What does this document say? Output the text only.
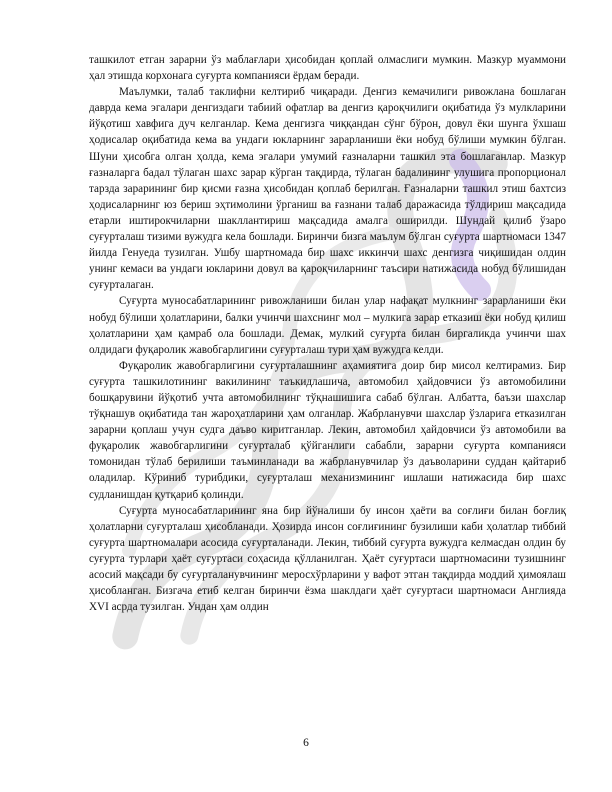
ташкилот етган зарарни ўз маблағлари ҳисобидан қоплай олмаслиги мумкин. Мазкур муаммони ҳал этишда корхонага суғурта компанияси ёрдам беради.

Маълумки, талаб таклифни келтириб чиқаради. Денгиз кемачилиги ривожлана бошлаган даврда кема эгалари денгиздаги табиий офатлар ва денгиз қароқчилиги оқибатида ўз мулкларини йўқотиш хавфига дуч келганлар. Кема денгизга чиққандан сўнг бўрон, довул ёки шунга ўхшаш ҳодисалар оқибатида кема ва ундаги юкларнинг зарарланиши ёки нобуд бўлиши мумкин бўлган. Шуни ҳисобга олган ҳолда, кема эгалари умумий ғазналарни ташкил эта бошлаганлар. Мазкур ғазналарга бадал тўлаган шахс зарар кўрган тақдирда, тўлаган бадалининг улушига пропорционал тарзда зарарининг бир қисми ғазна ҳисобидан қоплаб берилган. Ғазналарни ташкил этиш бахтсиз ҳодисаларнинг юз бериш эҳтимолини ўрганиш ва ғазнани талаб даражасида тўлдириш мақсадида етарли иштирокчиларни шакллантириш мақсадида амалга оширилди. Шундай қилиб ўзаро суғурталаш тизими вужудга кела бошлади. Биринчи бизга маълум бўлган суғурта шартномаси 1347 йилда Генуеда тузилган. Ушбу шартномада бир шахс иккинчи шахс денгизга чиқишидан олдин унинг кемаси ва ундаги юкларини довул ва қароқчиларнинг таъсири натижасида нобуд бўлишидан суғурталаган.

Суғурта муносабатларининг ривожланиши билан улар нафақат мулкнинг зарарланиши ёки нобуд бўлиши ҳолатларини, балки учинчи шахснинг мол – мулкига зарар етказиш ёки нобуд қилиш ҳолатларини ҳам қамраб ола бошлади. Демак, мулкий суғурта билан биргаликда учинчи шах олдидаги фуқаролик жавобгарлигини суғурталаш тури ҳам вужудга келди.

Фуқаролик жавобгарлигини суғурталашнинг аҳамиятига доир бир мисол келтирамиз. Бир суғурта ташкилотининг вакилининг таъкидлашича, автомобил ҳайдовчиси ўз автомобилини бошқарувини йўқотиб учта автомобилнинг тўқнашишига сабаб бўлган. Албатта, баъзи шахслар тўқнашув оқибатида тан жароҳатларини ҳам олганлар. Жабрланувчи шахслар ўзларига етказилган зарарни қоплаш учун судга даъво киритганлар. Лекин, автомобил ҳайдовчиси ўз автомобили ва фуқаролик жавобгарлигини суғурталаб қўйганлиги сабабли, зарарни суғурта компанияси томонидан тўлаб берилиши таъминланади ва жабрланувчилар ўз даъволарини суддан қайтариб оладилар. Кўриниб турибдики, суғурталаш механизмининг ишлаши натижасида бир шахс судланишдан қутқариб қолинди.

Суғурта муносабатларининг яна бир йўналиши бу инсон ҳаёти ва соғлиғи билан боғлиқ ҳолатларни суғурталаш ҳисобланади. Ҳозирда инсон соғлиғининг бузилиши каби ҳолатлар тиббий суғурта шартномалари асосида суғурталанади. Лекин, тиббий суғурта вужудга келмасдан олдин бу суғурта турлари ҳаёт суғуртаси соҳасида қўлланилган. Ҳаёт суғуртаси шартномасини тузишнинг асосий мақсади бу суғурталанувчининг меросхўрларини у вафот этган тақдирда моддий ҳимоялаш ҳисобланган. Бизгача етиб келган биринчи ёзма шаклдаги ҳаёт суғуртаси шартномаси Англияда XVI асрда тузилган. Ундан ҳам олдин

6
